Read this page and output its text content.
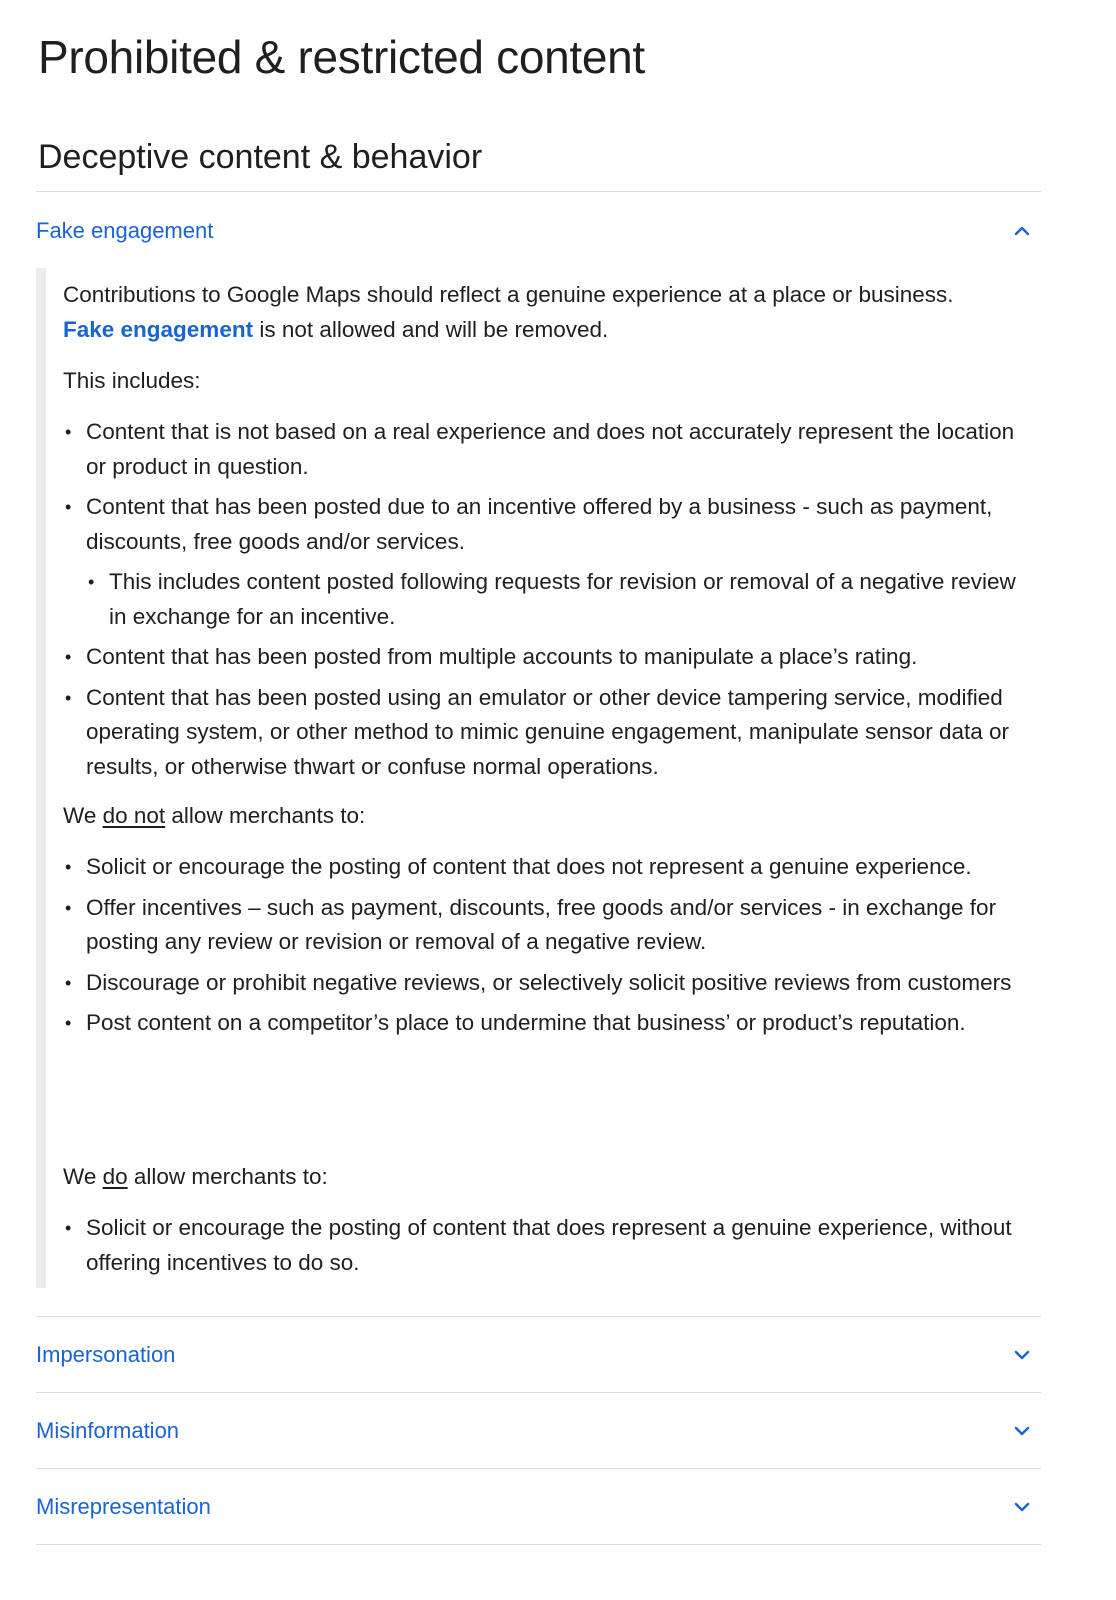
Prohibited & restricted content
Deceptive content & behavior
Fake engagement

Contributions to Google Maps should reflect a genuine experience at a place or business.
Fake engagement is not allowed and will be removed.

This includes:

• Content that is not based on a real experience and does not accurately represent the location or product in question.
• Content that has been posted due to an incentive offered by a business - such as payment, discounts, free goods and/or services.
• This includes content posted following requests for revision or removal of a negative review in exchange for an incentive.
• Content that has been posted from multiple accounts to manipulate a place’s rating.
• Content that has been posted using an emulator or other device tampering service, modified operating system, or other method to mimic genuine engagement, manipulate sensor data or results, or otherwise thwart or confuse normal operations.

We do not allow merchants to:

• Solicit or encourage the posting of content that does not represent a genuine experience.
• Offer incentives – such as payment, discounts, free goods and/or services - in exchange for posting any review or revision or removal of a negative review.
• Discourage or prohibit negative reviews, or selectively solicit positive reviews from customers
• Post content on a competitor’s place to undermine that business’ or product’s reputation.

We do allow merchants to:

• Solicit or encourage the posting of content that does represent a genuine experience, without offering incentives to do so.
Impersonation
Misinformation
Misrepresentation
